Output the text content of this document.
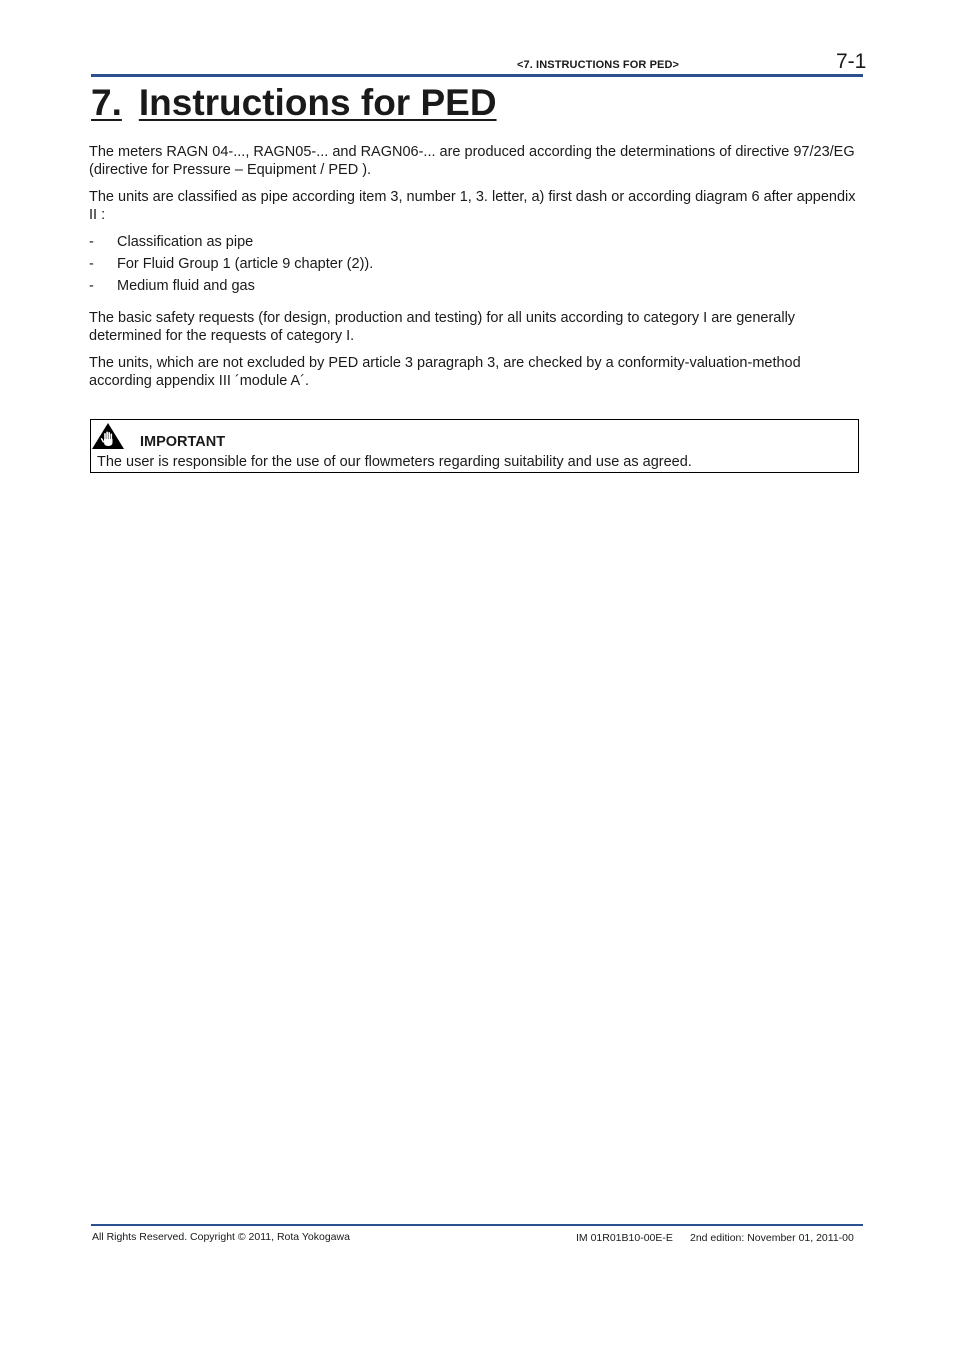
<7. INSTRUCTIONS FOR PED>	7-1
7. Instructions for PED

The meters RAGN 04-..., RAGN05-... and RAGN06-... are produced according the determinations of directive 97/23/EG (directive for Pressure – Equipment / PED ).

The units are classified as pipe according item 3, number 1, 3. letter, a) first dash or according diagram 6 after appendix II :

-	Classification as pipe
-	For Fluid Group 1 (article 9 chapter (2)).
-	Medium fluid and gas

The basic safety requests (for design, production and testing) for all units according to category I are generally determined for the requests of category I.

The units, which are not excluded by PED article 3 paragraph 3, are checked by a conformity-valuation-method according appendix III ´module A´.

IMPORTANT
The user is responsible for the use of our flowmeters regarding suitability and use as agreed.
All Rights Reserved. Copyright © 2011, Rota Yokogawa	IM 01R01B10-00E-E 2nd edition: November 01, 2011-00
